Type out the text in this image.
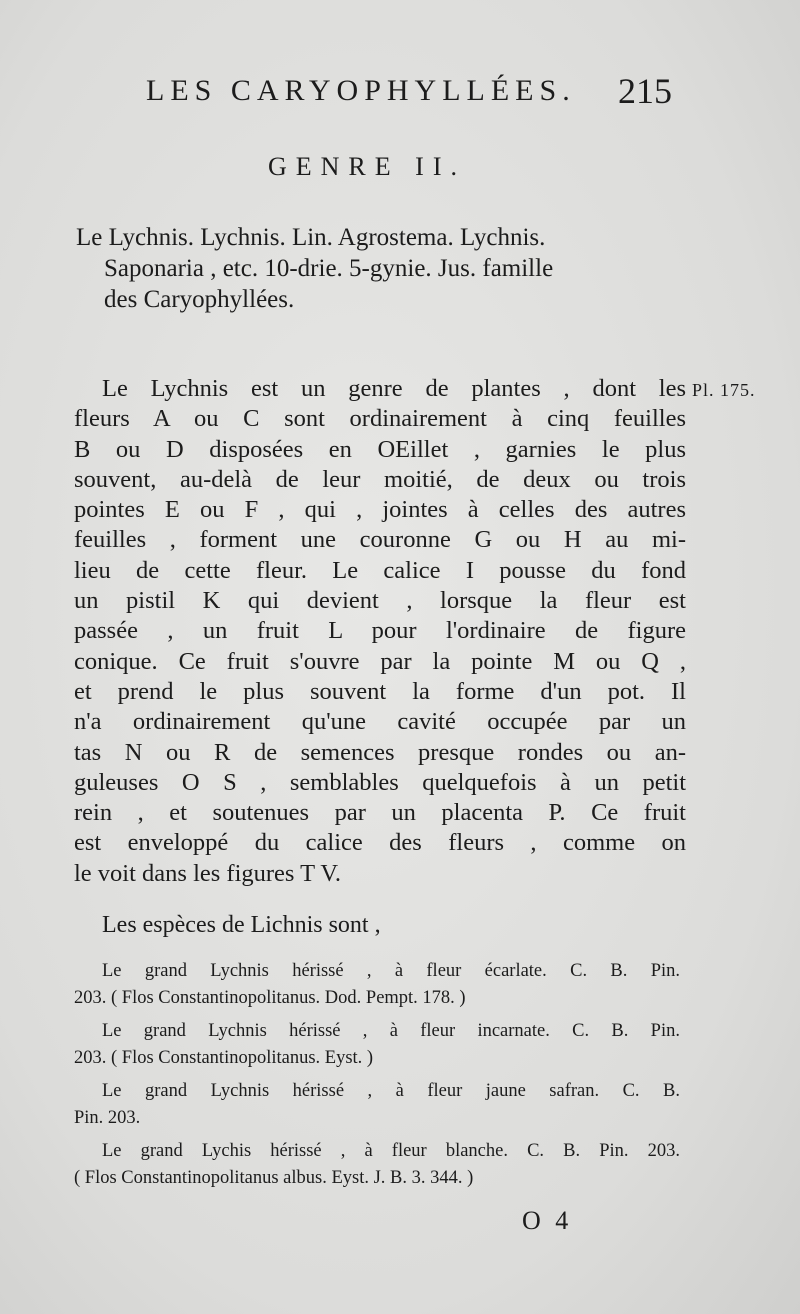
LES CARYOPHYLLÉES. 215
GENRE II.
Le Lychnis. Lychnis. Lin. Agrostema. Lychnis.
Saponaria , etc. 10-drie. 5-gynie. Jus. famille
des Caryophyllées.
Pl. 175.
Le Lychnis est un genre de plantes , dont les
fleurs A ou C sont ordinairement à cinq feuilles
B ou D disposées en OEillet , garnies le plus
souvent, au-delà de leur moitié, de deux ou trois
pointes E ou F , qui , jointes à celles des autres
feuilles , forment une couronne G ou H au mi-
lieu de cette fleur. Le calice I pousse du fond
un pistil K qui devient , lorsque la fleur est
passée , un fruit L pour l'ordinaire de figure
conique. Ce fruit s'ouvre par la pointe M ou Q ,
et prend le plus souvent la forme d'un pot. Il
n'a ordinairement qu'une cavité occupée par un
tas N ou R de semences presque rondes ou an-
guleuses O S , semblables quelquefois à un petit
rein , et soutenues par un placenta P. Ce fruit
est enveloppé du calice des fleurs , comme on
le voit dans les figures T V.
Les espèces de Lichnis sont ,
Le grand Lychnis hérissé , à fleur écarlate. C. B. Pin.
203. ( Flos Constantinopolitanus. Dod. Pempt. 178. )
Le grand Lychnis hérissé , à fleur incarnate. C. B. Pin.
203. ( Flos Constantinopolitanus. Eyst. )
Le grand Lychnis hérissé , à fleur jaune safran. C. B.
Pin. 203.
Le grand Lychis hérissé , à fleur blanche. C. B. Pin. 203.
( Flos Constantinopolitanus albus. Eyst. J. B. 3. 344. )
O 4
